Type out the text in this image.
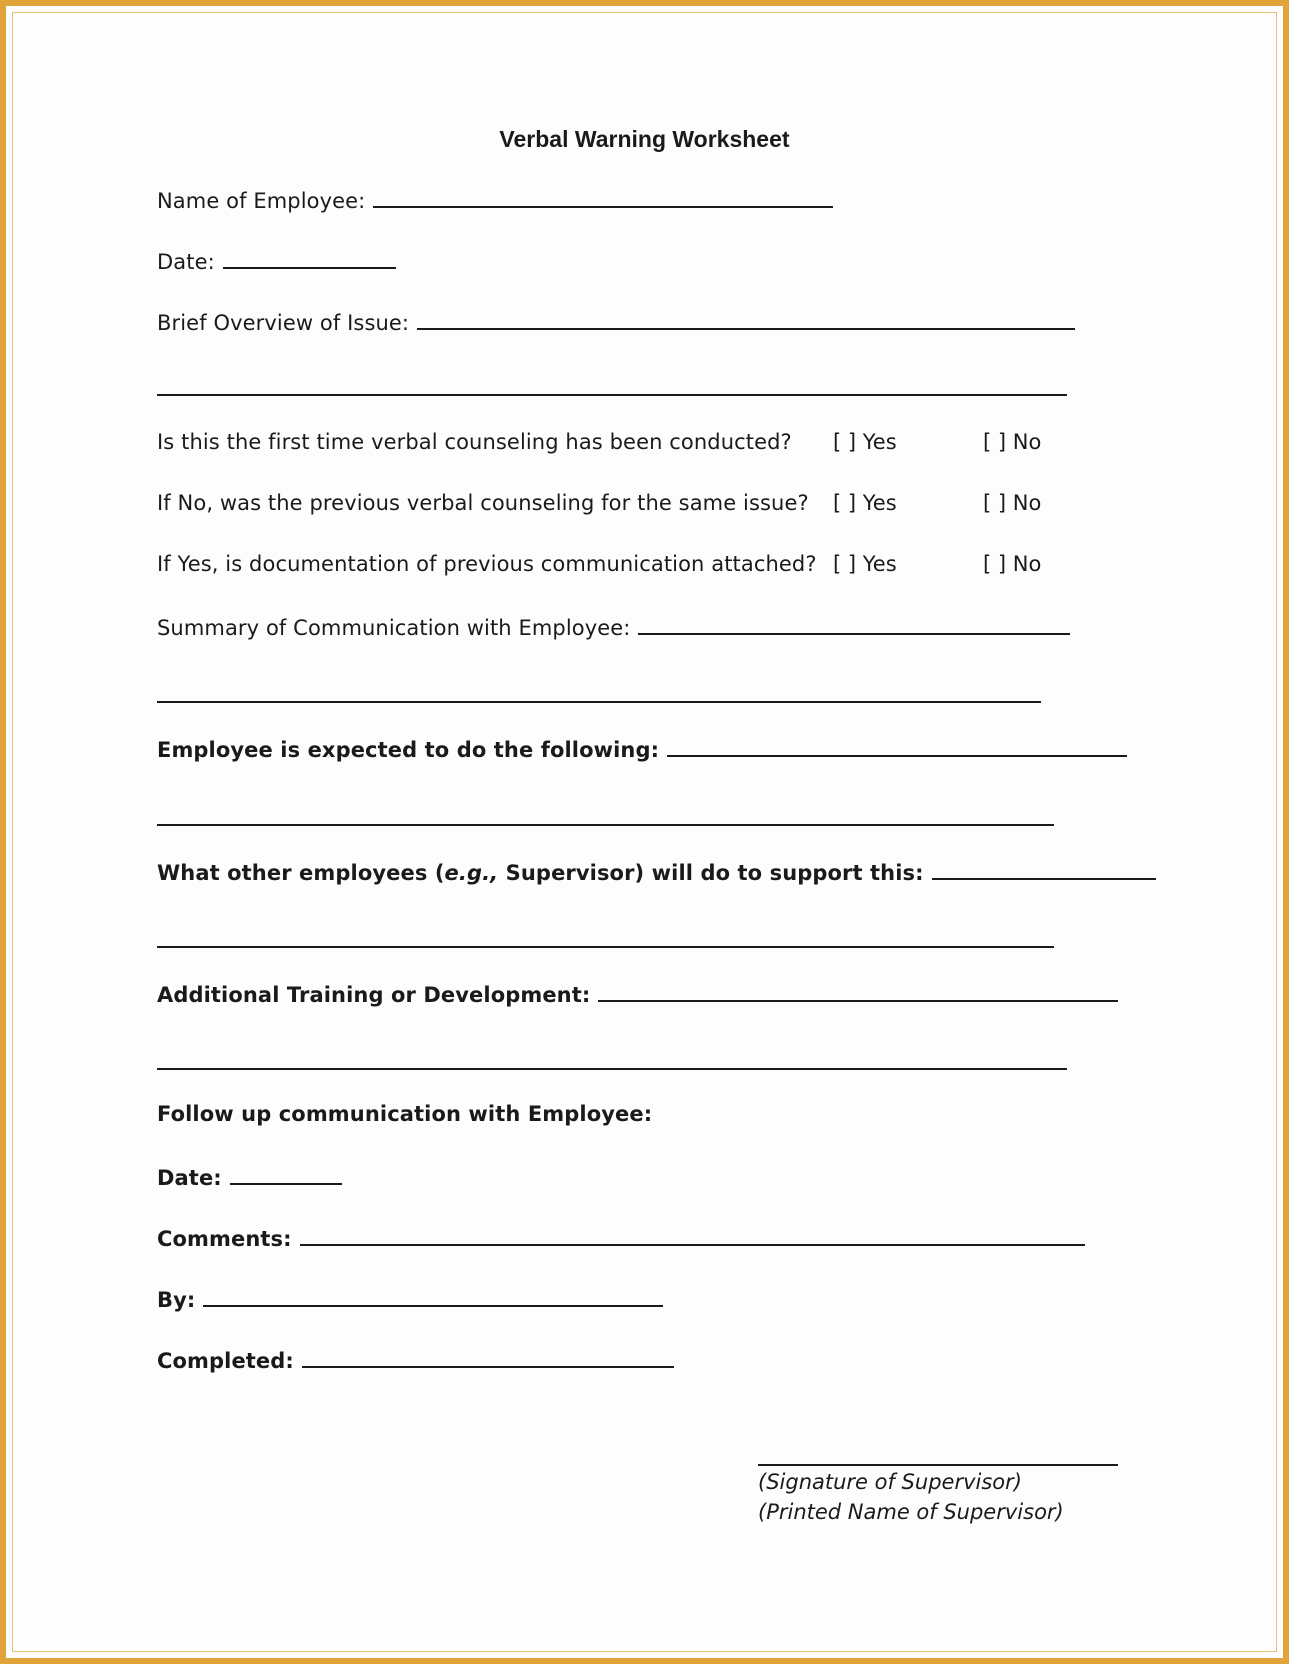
Verbal Warning Worksheet
Name of Employee:
Date:
Brief Overview of Issue:
Is this the first time verbal counseling has been conducted? [ ] Yes	[ ] No
If No, was the previous verbal counseling for the same issue? [ ] Yes	[ ] No
If Yes, is documentation of previous communication attached? [ ] Yes	[ ] No
Summary of Communication with Employee:
Employee is expected to do the following:
What other employees (e.g., Supervisor) will do to support this:
Additional Training or Development:
Follow up communication with Employee:
Date:
Comments:
By:
Completed:
(Signature of Supervisor)
(Printed Name of Supervisor)
